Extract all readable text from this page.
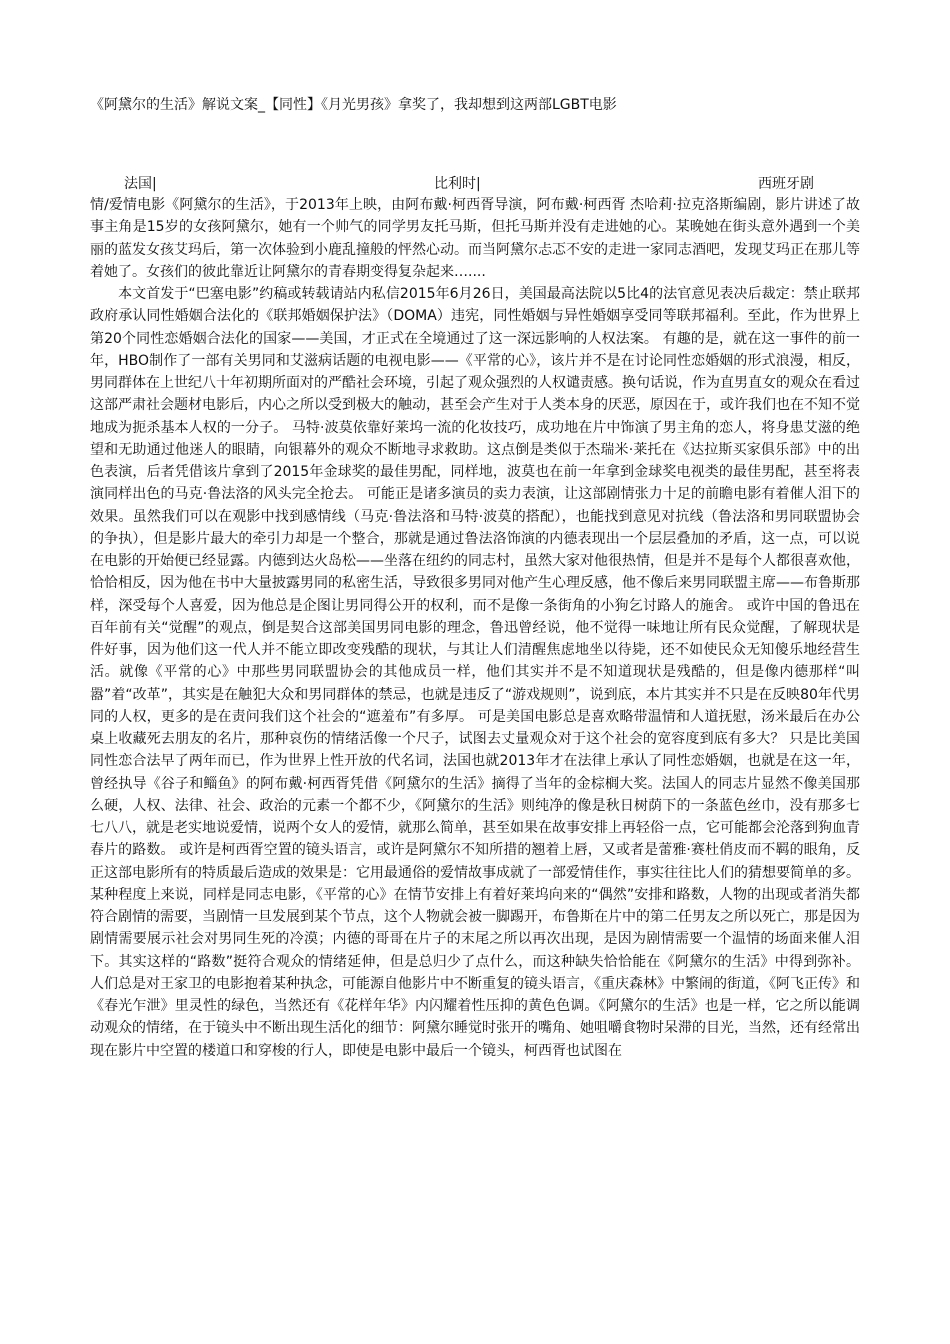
《阿黛尔的生活》解说文案_【同性】《月光男孩》拿奖了，我却想到这两部LGBT电影
法国|	比利时|	西班牙剧

情/爱情电影《阿黛尔的生活》，于2013年上映，由阿布戴·柯西胥导演，阿布戴·柯西胥 杰哈莉·拉克洛斯编剧，影片讲述了故事主角是15岁的女孩阿黛尔，她有一个帅气的同学男友托马斯，但托马斯并没有走进她的心。某晚她在街头意外遇到一个美丽的蓝发女孩艾玛后，第一次体验到小鹿乱撞般的怦然心动。而当阿黛尔忐忑不安的走进一家同志酒吧，发现艾玛正在那儿等着她了。女孩们的彼此靠近让阿黛尔的青春期变得复杂起来…....

　　本文首发于“巴塞电影”约稿或转载请站内私信2015年6月26日，美国最高法院以5比4的法官意见表决后裁定：禁止联邦政府承认同性婚姻合法化的《联邦婚姻保护法》（DOMA）违宪，同性婚姻与异性婚姻享受同等联邦福利。至此，作为世界上第20个同性恋婚姻合法化的国家——美国，才正式在全境通过了这一深远影响的人权法案。 有趣的是，就在这一事件的前一年，HBO制作了一部有关男同和艾滋病话题的电视电影——《平常的心》，该片并不是在讨论同性恋婚姻的形式浪漫，相反，男同群体在上世纪八十年初期所面对的严酷社会环境，引起了观众强烈的人权谴责感。换句话说，作为直男直女的观众在看过这部严肃社会题材电影后，内心之所以受到极大的触动，甚至会产生对于人类本身的厌恶，原因在于，或许我们也在不知不觉地成为扼杀基本人权的一分子。 马特·波莫依靠好莱坞一流的化妆技巧，成功地在片中饰演了男主角的恋人，将身患艾滋的绝望和无助通过他迷人的眼睛，向银幕外的观众不断地寻求救助。这点倒是类似于杰瑞米·莱托在《达拉斯买家俱乐部》中的出色表演，后者凭借该片拿到了2015年金球奖的最佳男配，同样地，波莫也在前一年拿到金球奖电视类的最佳男配，甚至将表演同样出色的马克·鲁法洛的风头完全抢去。 可能正是诸多演员的卖力表演，让这部剧情张力十足的前瞻电影有着催人泪下的效果。虽然我们可以在观影中找到感情线（马克·鲁法洛和马特·波莫的搭配），也能找到意见对抗线（鲁法洛和男同联盟协会的争执），但是影片最大的牵引力却是一个整合，那就是通过鲁法洛饰演的内德表现出一个层层叠加的矛盾，这一点，可以说在电影的开始便已经显露。内德到达火岛松——坐落在纽约的同志村，虽然大家对他很热情，但是并不是每个人都很喜欢他，恰恰相反，因为他在书中大量披露男同的私密生活，导致很多男同对他产生心理反感，他不像后来男同联盟主席——布鲁斯那样，深受每个人喜爱，因为他总是企图让男同得公开的权利，而不是像一条街角的小狗乞讨路人的施舍。 或许中国的鲁迅在百年前有关“觉醒”的观点，倒是契合这部美国男同电影的理念，鲁迅曾经说，他不觉得一味地让所有民众觉醒，了解现状是件好事，因为他们这一代人并不能立即改变残酷的现状，与其让人们清醒焦虑地坐以待毙，还不如使民众无知傻乐地经营生活。就像《平常的心》中那些男同联盟协会的其他成员一样，他们其实并不是不知道现状是残酷的，但是像内德那样“叫嚣”着“改革”，其实是在触犯大众和男同群体的禁忌，也就是违反了“游戏规则”，说到底，本片其实并不只是在反映80年代男同的人权，更多的是在责问我们这个社会的“遮羞布”有多厚。 可是美国电影总是喜欢略带温情和人道抚慰，汤米最后在办公桌上收藏死去朋友的名片，那种哀伤的情绪活像一个尺子，试图去丈量观众对于这个社会的宽容度到底有多大？ 只是比美国同性恋合法早了两年而已，作为世界上性开放的代名词，法国也就2013年才在法律上承认了同性恋婚姻，也就是在这一年，曾经执导《谷子和鲻鱼》的阿布戴·柯西胥凭借《阿黛尔的生活》摘得了当年的金棕榈大奖。法国人的同志片显然不像美国那么硬，人权、法律、社会、政治的元素一个都不少，《阿黛尔的生活》则纯净的像是秋日树荫下的一条蓝色丝巾，没有那多七七八八，就是老实地说爱情，说两个女人的爱情，就那么简单，甚至如果在故事安排上再轻俗一点，它可能都会沦落到狗血青春片的路数。 或许是柯西胥空置的镜头语言，或许是阿黛尔不知所措的翘着上唇，又或者是蕾雅·赛杜俏皮而不羁的眼角，反正这部电影所有的特质最后造成的效果是：它用最通俗的爱情故事成就了一部爱情佳作，事实往往比人们的猜想要简单的多。 某种程度上来说，同样是同志电影，《平常的心》在情节安排上有着好莱坞向来的“偶然”安排和路数，人物的出现或者消失都符合剧情的需要，当剧情一旦发展到某个节点，这个人物就会被一脚踢开，布鲁斯在片中的第二任男友之所以死亡，那是因为剧情需要展示社会对男同生死的冷漠；内德的哥哥在片子的末尾之所以再次出现，是因为剧情需要一个温情的场面来催人泪下。其实这样的“路数”挺符合观众的情绪延伸，但是总归少了点什么，而这种缺失恰恰能在《阿黛尔的生活》中得到弥补。 人们总是对王家卫的电影抱着某种执念，可能源自他影片中不断重复的镜头语言，《重庆森林》中繁闹的街道，《阿飞正传》和《春光乍泄》里灵性的绿色，当然还有《花样年华》内闪耀着性压抑的黄色色调。《阿黛尔的生活》也是一样，它之所以能调动观众的情绪，在于镜头中不断出现生活化的细节：阿黛尔睡觉时张开的嘴角、她咀嚼食物时呆滞的目光，当然，还有经常出现在影片中空置的楼道口和穿梭的行人，即使是电影中最后一个镜头，柯西胥也试图在
